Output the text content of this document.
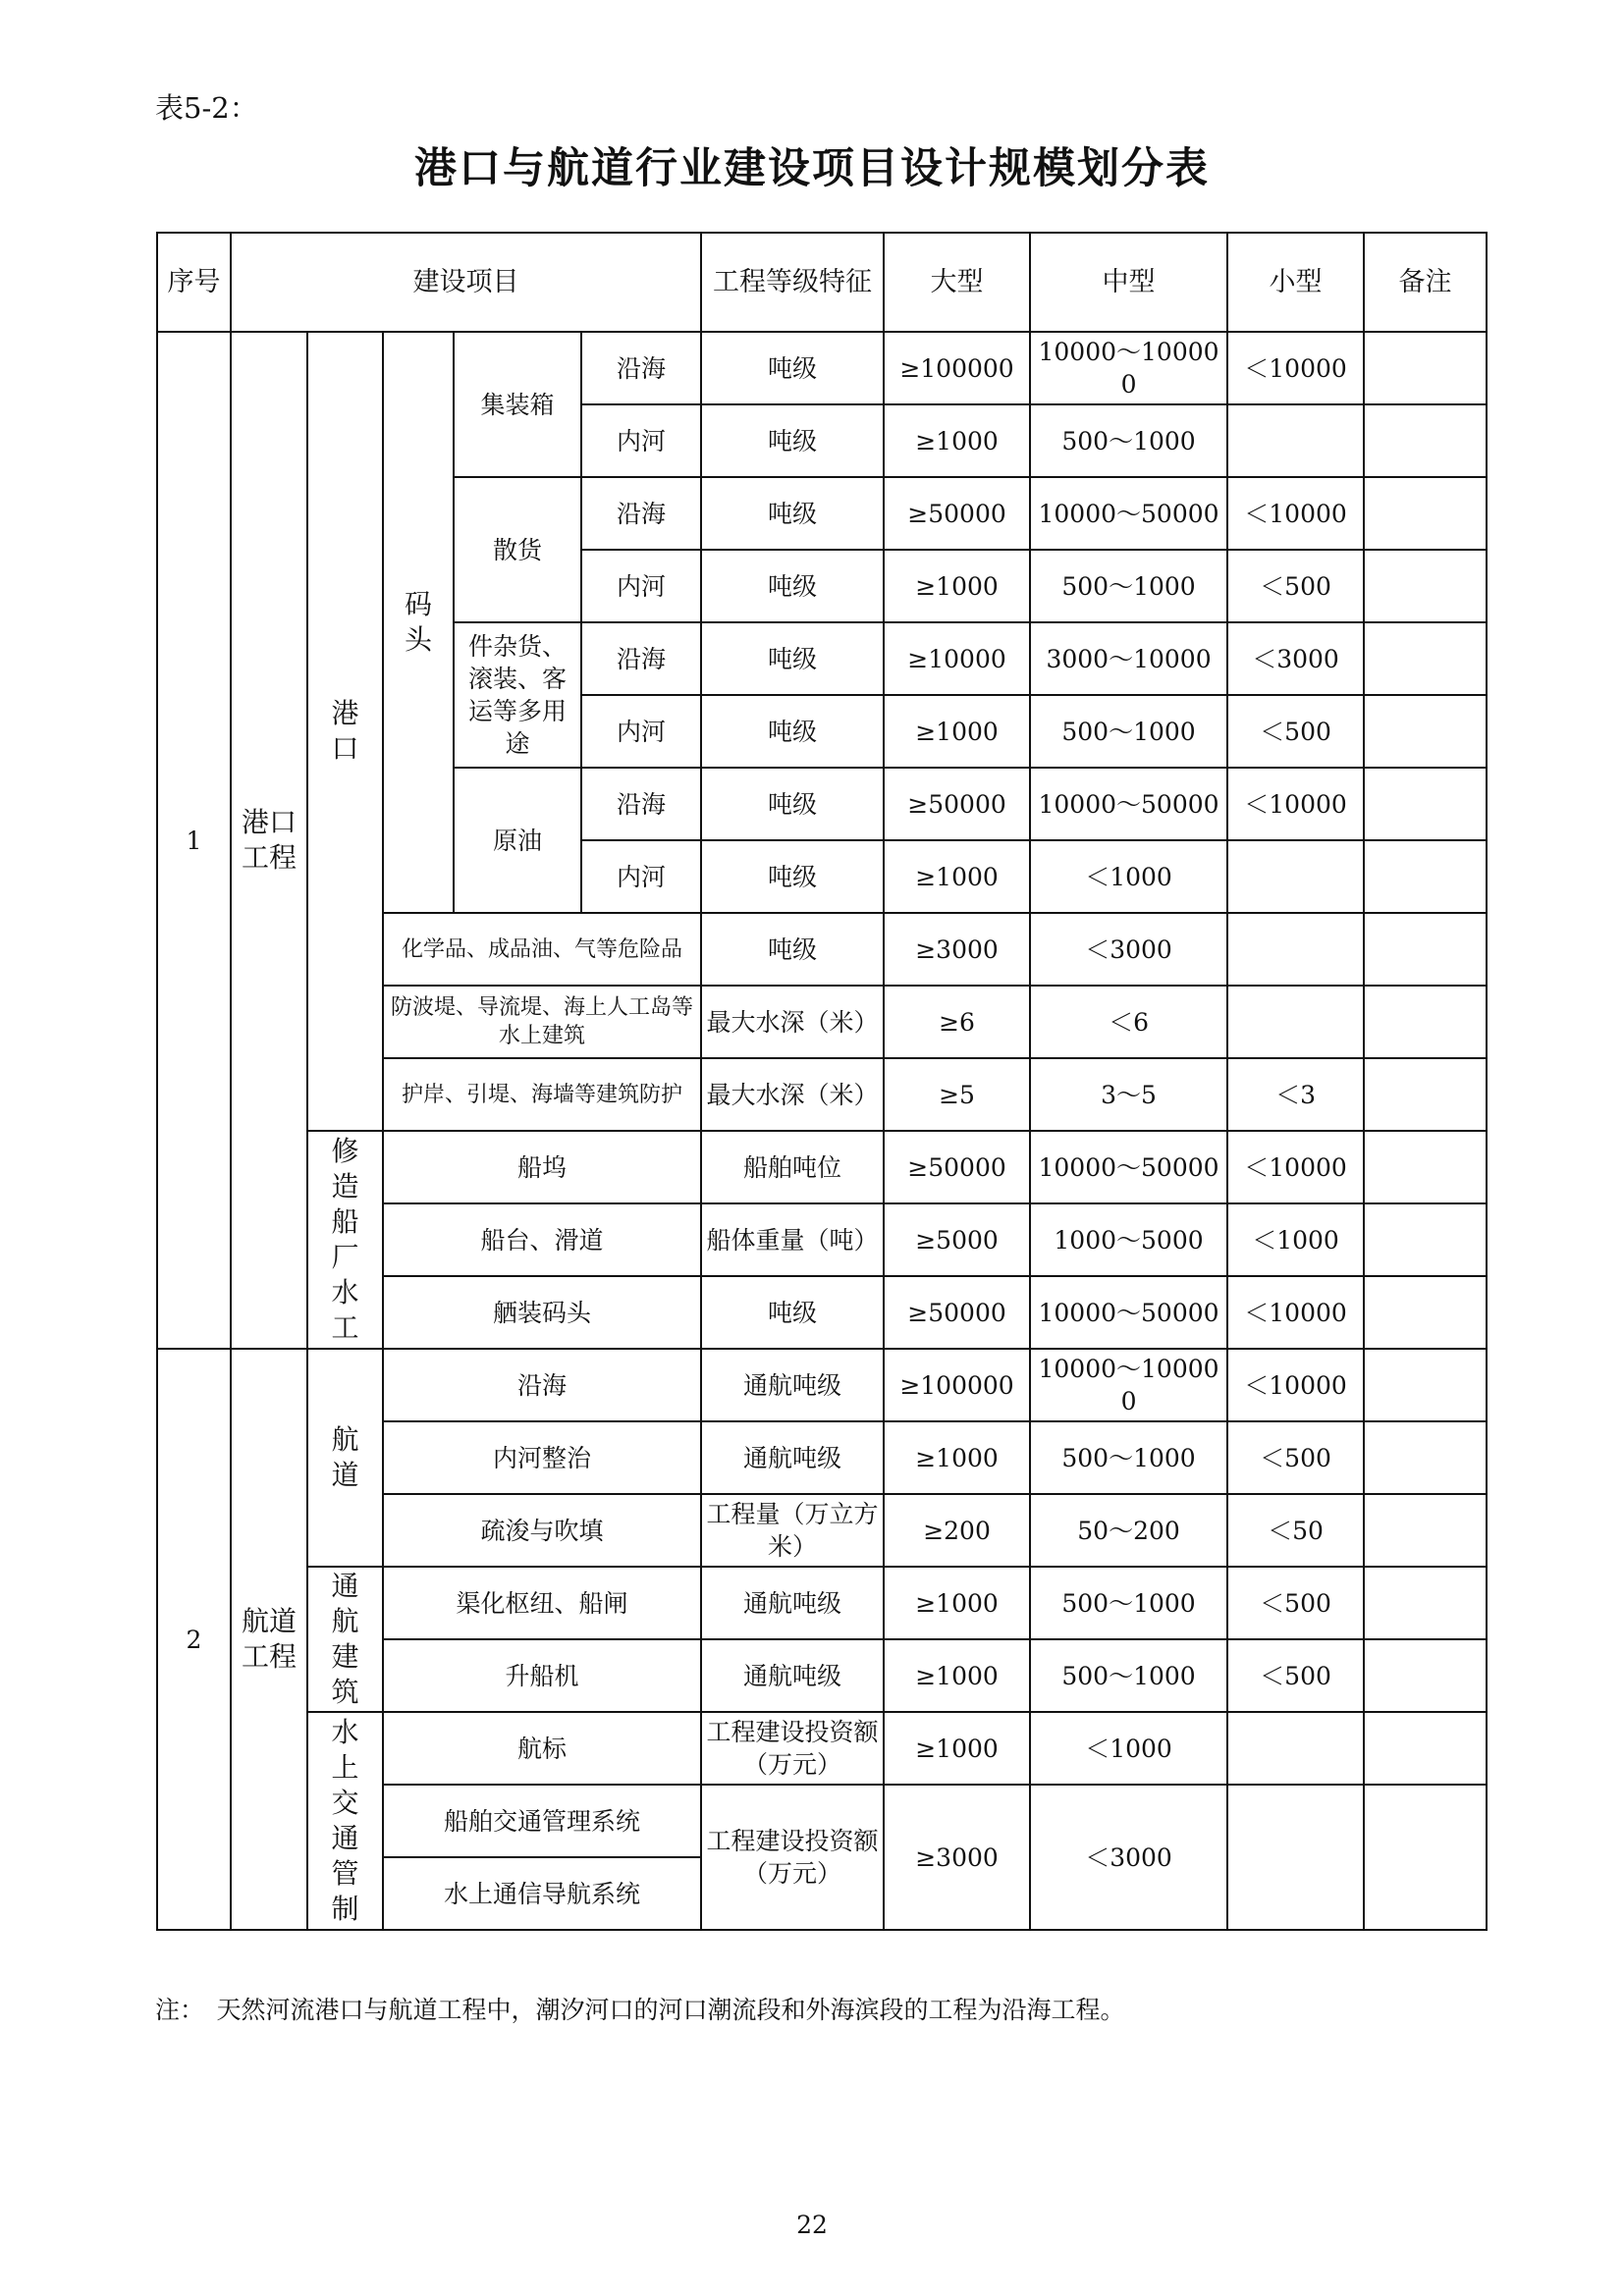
表5-2：
港口与航道行业建设项目设计规模划分表
序号	建设项目					工程等级特征	大型	中型	小型	备注
1	港口工程	港口	码头	集装箱	沿海	吨级	≥100000	10000～100000	＜10000	
					内河	吨级	≥1000	500～1000		
				散货	沿海	吨级	≥50000	10000～50000	＜10000	
					内河	吨级	≥1000	500～1000	＜500	
				件杂货、滚装、客运等多用途	沿海	吨级	≥10000	3000～10000	＜3000	
					内河	吨级	≥1000	500～1000	＜500	
				原油	沿海	吨级	≥50000	10000～50000	＜10000	
					内河	吨级	≥1000	＜1000		
			化学品、成品油、气等危险品			吨级	≥3000	＜3000		
			防波堤、导流堤、海上人工岛等水上建筑			最大水深（米）	≥6	＜6		
			护岸、引堤、海墙等建筑防护			最大水深（米）	≥5	3～5	＜3	
		修造船厂水工	船坞			船舶吨位	≥50000	10000～50000	＜10000	
			船台、滑道			船体重量（吨）	≥5000	1000～5000	＜1000	
			舾装码头			吨级	≥50000	10000～50000	＜10000	
2	航道工程	航道	沿海			通航吨级	≥100000	10000～100000	＜10000	
			内河整治			通航吨级	≥1000	500～1000	＜500	
			疏浚与吹填			工程量（万立方米）	≥200	50～200	＜50	
		通航建筑	渠化枢纽、船闸			通航吨级	≥1000	500～1000	＜500	
			升船机			通航吨级	≥1000	500～1000	＜500	
		水上交通管制	航标			工程建设投资额（万元）	≥1000	＜1000		
			船舶交通管理系统			工程建设投资额（万元）	≥3000	＜3000		
			水上通信导航系统							
注：　天然河流港口与航道工程中，潮汐河口的河口潮流段和外海滨段的工程为沿海工程。
22
